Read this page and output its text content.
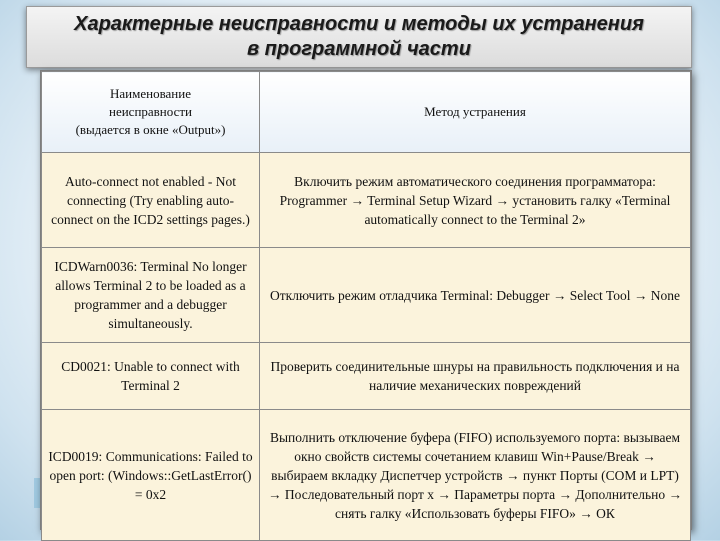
Характерные неисправности и методы их устранения
в программной части
Наименование
неисправности
(выдается в окне «Output»)	Метод устранения
Auto-connect not enabled - Not connecting (Try enabling auto-connect on the ICD2 settings pages.)	Включить режим автоматического соединения программатора: Programmer → Terminal Setup Wizard → установить галку «Terminal automatically connect to the Terminal 2»
ICDWarn0036: Terminal No longer allows Terminal 2 to be loaded as a programmer and a debugger simultaneously.	Отключить режим отладчика Terminal: Debugger → Select Tool → None
CD0021: Unable to connect with Terminal 2	Проверить соединительные шнуры на правильность подключения и на наличие механических повреждений
ICD0019: Communications: Failed to open port: (Windows::GetLastError() = 0x2	Выполнить отключение буфера (FIFO) используемого порта: вызываем окно свойств системы сочетанием клавиш Win+Pause/Break → выбираем вкладку Диспетчер устройств → пункт Порты (COM и LPT) → Последовательный порт х → Параметры порта → Дополнительно → снять галку «Использовать буферы FIFO» → ОК
